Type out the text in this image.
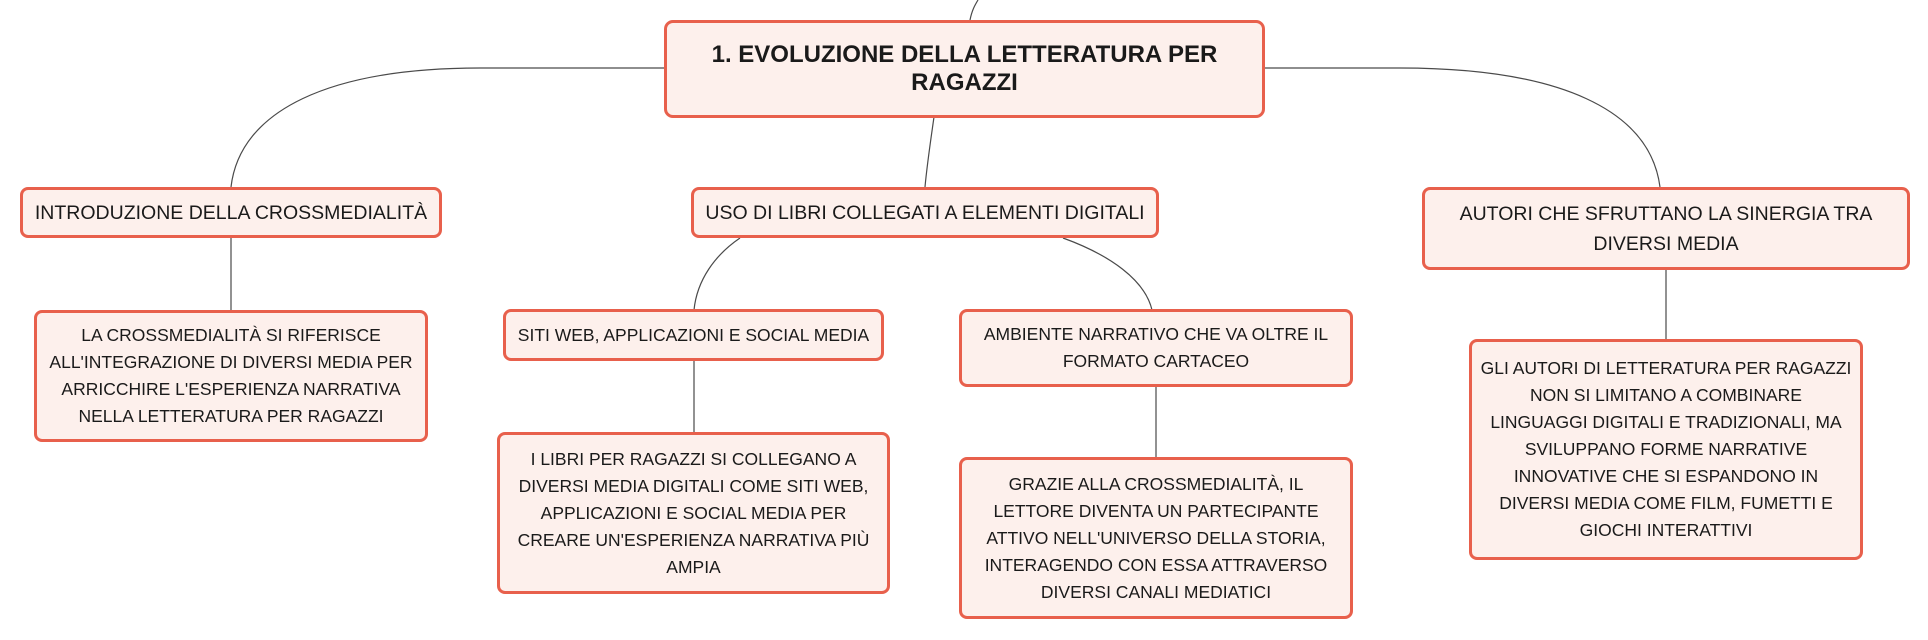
1. EVOLUZIONE DELLA LETTERATURA PER RAGAZZI
INTRODUZIONE DELLA CROSSMEDIALITÀ
LA CROSSMEDIALITÀ SI RIFERISCE ALL'INTEGRAZIONE DI DIVERSI MEDIA PER ARRICCHIRE L'ESPERIENZA NARRATIVA NELLA LETTERATURA PER RAGAZZI
USO DI LIBRI COLLEGATI A ELEMENTI DIGITALI
SITI WEB, APPLICAZIONI E SOCIAL MEDIA
I LIBRI PER RAGAZZI SI COLLEGANO A DIVERSI MEDIA DIGITALI COME SITI WEB, APPLICAZIONI E SOCIAL MEDIA PER CREARE UN'ESPERIENZA NARRATIVA PIÙ AMPIA
AMBIENTE NARRATIVO CHE VA OLTRE IL FORMATO CARTACEO
GRAZIE ALLA CROSSMEDIALITÀ, IL LETTORE DIVENTA UN PARTECIPANTE ATTIVO NELL'UNIVERSO DELLA STORIA, INTERAGENDO CON ESSA ATTRAVERSO DIVERSI CANALI MEDIATICI
AUTORI CHE SFRUTTANO LA SINERGIA TRA DIVERSI MEDIA
GLI AUTORI DI LETTERATURA PER RAGAZZI NON SI LIMITANO A COMBINARE LINGUAGGI DIGITALI E TRADIZIONALI, MA SVILUPPANO FORME NARRATIVE INNOVATIVE CHE SI ESPANDONO IN DIVERSI MEDIA COME FILM, FUMETTI E GIOCHI INTERATTIVI
